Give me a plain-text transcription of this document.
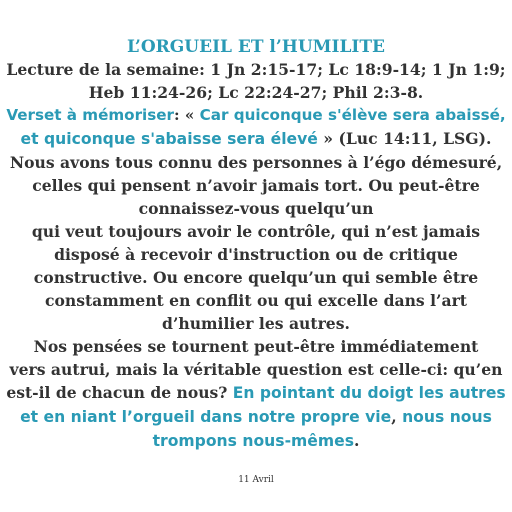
L’ORGUEIL ET l’HUMILITE

Lecture de la semaine: 1 Jn 2:15-17; Lc 18:9-14; 1 Jn 1:9;
Heb 11:24-26; Lc 22:24-27; Phil 2:3-8.

Verset à mémoriser: « Car quiconque s'élève sera abaissé,
et quiconque s'abaisse sera élevé » (Luc 14:11, LSG).

Nous avons tous connu des personnes à l’égo démesuré,
celles qui pensent n’avoir jamais tort. Ou peut-être
connaissez-vous quelqu’un
qui veut toujours avoir le contrôle, qui n’est jamais
disposé à recevoir d'instruction ou de critique
constructive. Ou encore quelqu’un qui semble être
constamment en conflit ou qui excelle dans l’art
d’humilier les autres.
Nos pensées se tournent peut-être immédiatement
vers autrui, mais la véritable question est celle-ci: qu’en
est-il de chacun de nous? En pointant du doigt les autres
et en niant l’orgueil dans notre propre vie, nous nous
trompons nous-mêmes.

11 Avril
